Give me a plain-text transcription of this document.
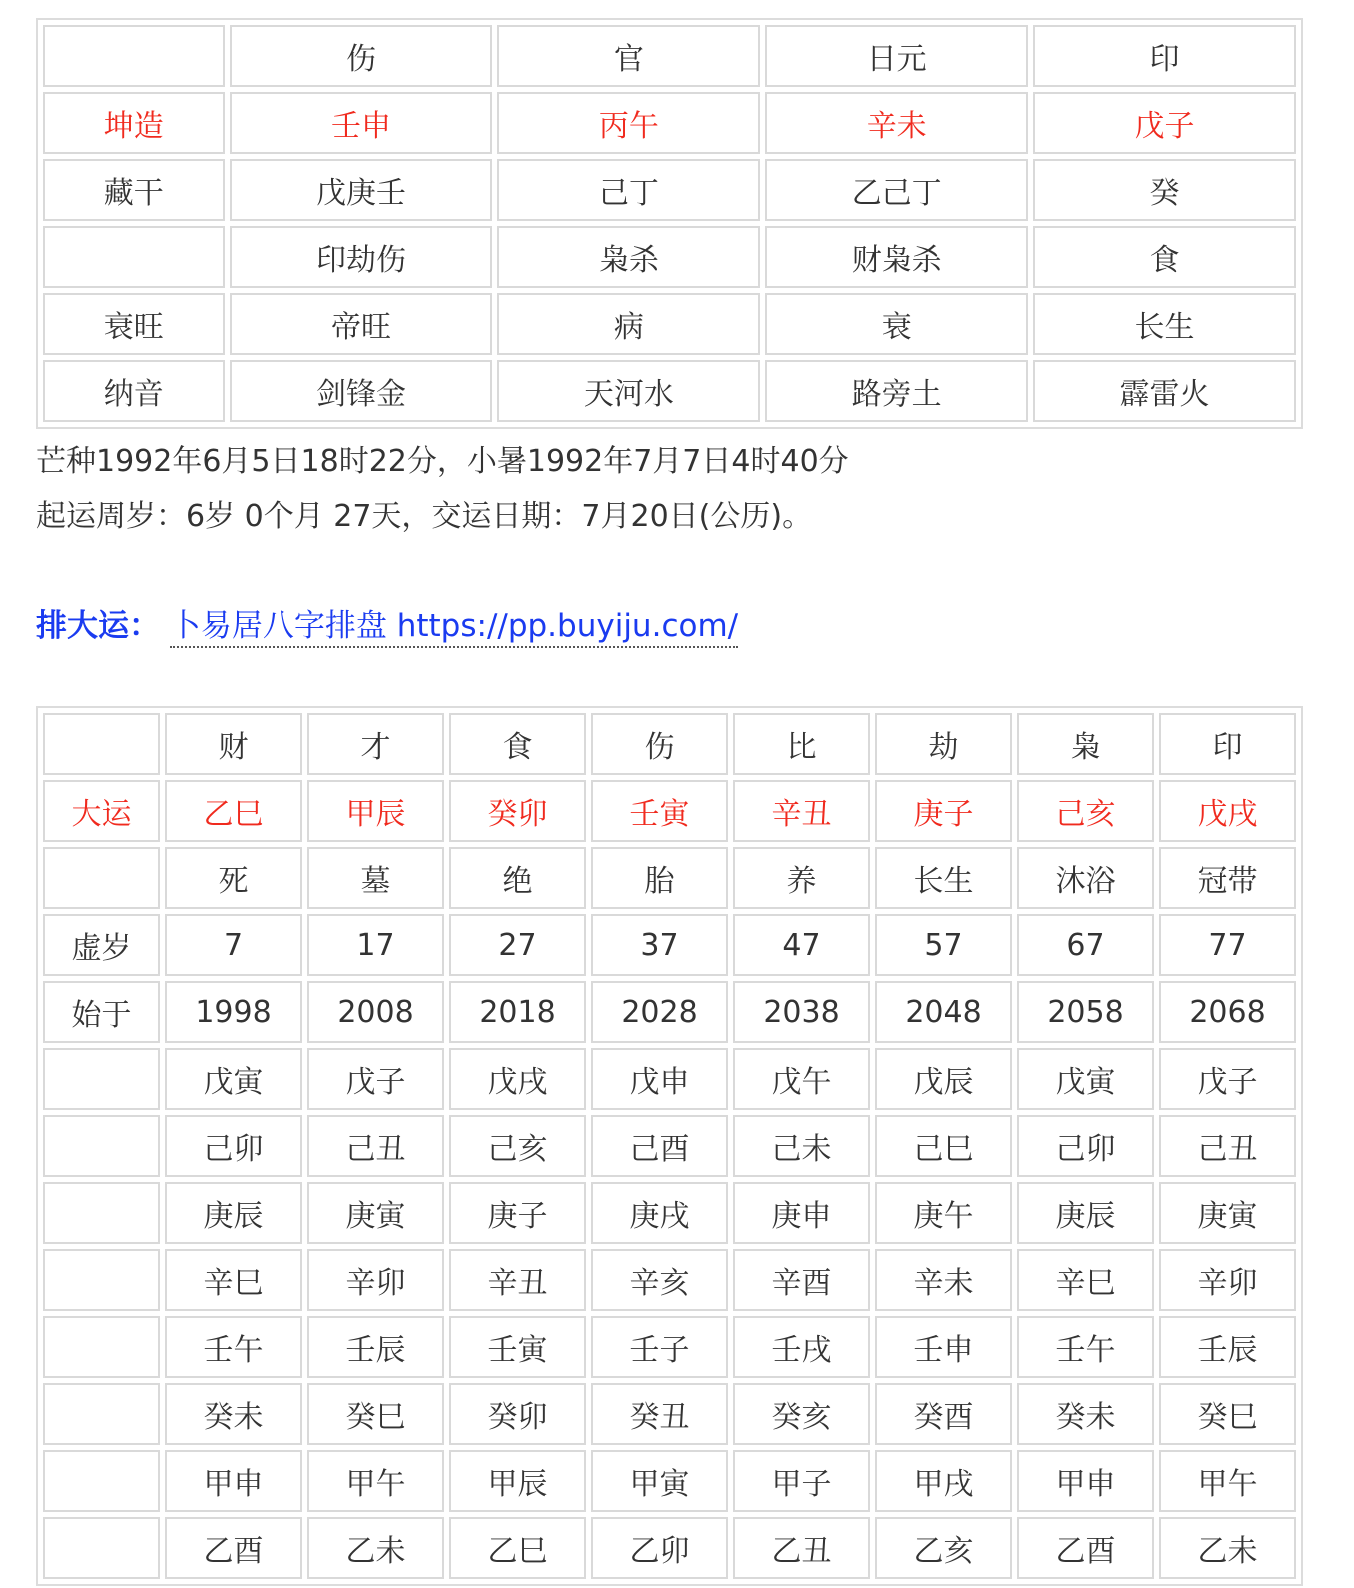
	伤	官	日元	印
坤造	壬申	丙午	辛未	戊子
藏干	戊庚壬	己丁	乙己丁	癸
	印劫伤	枭杀	财枭杀	食
衰旺	帝旺	病	衰	长生
纳音	剑锋金	天河水	路旁土	霹雷火
芒种1992年6月5日18时22分，小暑1992年7月7日4时40分
起运周岁：6岁 0个月 27天，交运日期：7月20日(公历)。
排大运： 卜易居八字排盘 https://pp.buyiju.com/
	财	才	食	伤	比	劫	枭	印
大运	乙巳	甲辰	癸卯	壬寅	辛丑	庚子	己亥	戊戌
	死	墓	绝	胎	养	长生	沐浴	冠带
虚岁	7	17	27	37	47	57	67	77
始于	1998	2008	2018	2028	2038	2048	2058	2068
	戊寅	戊子	戊戌	戊申	戊午	戊辰	戊寅	戊子
	己卯	己丑	己亥	己酉	己未	己巳	己卯	己丑
	庚辰	庚寅	庚子	庚戌	庚申	庚午	庚辰	庚寅
	辛巳	辛卯	辛丑	辛亥	辛酉	辛未	辛巳	辛卯
	壬午	壬辰	壬寅	壬子	壬戌	壬申	壬午	壬辰
	癸未	癸巳	癸卯	癸丑	癸亥	癸酉	癸未	癸巳
	甲申	甲午	甲辰	甲寅	甲子	甲戌	甲申	甲午
	乙酉	乙未	乙巳	乙卯	乙丑	乙亥	乙酉	乙未
